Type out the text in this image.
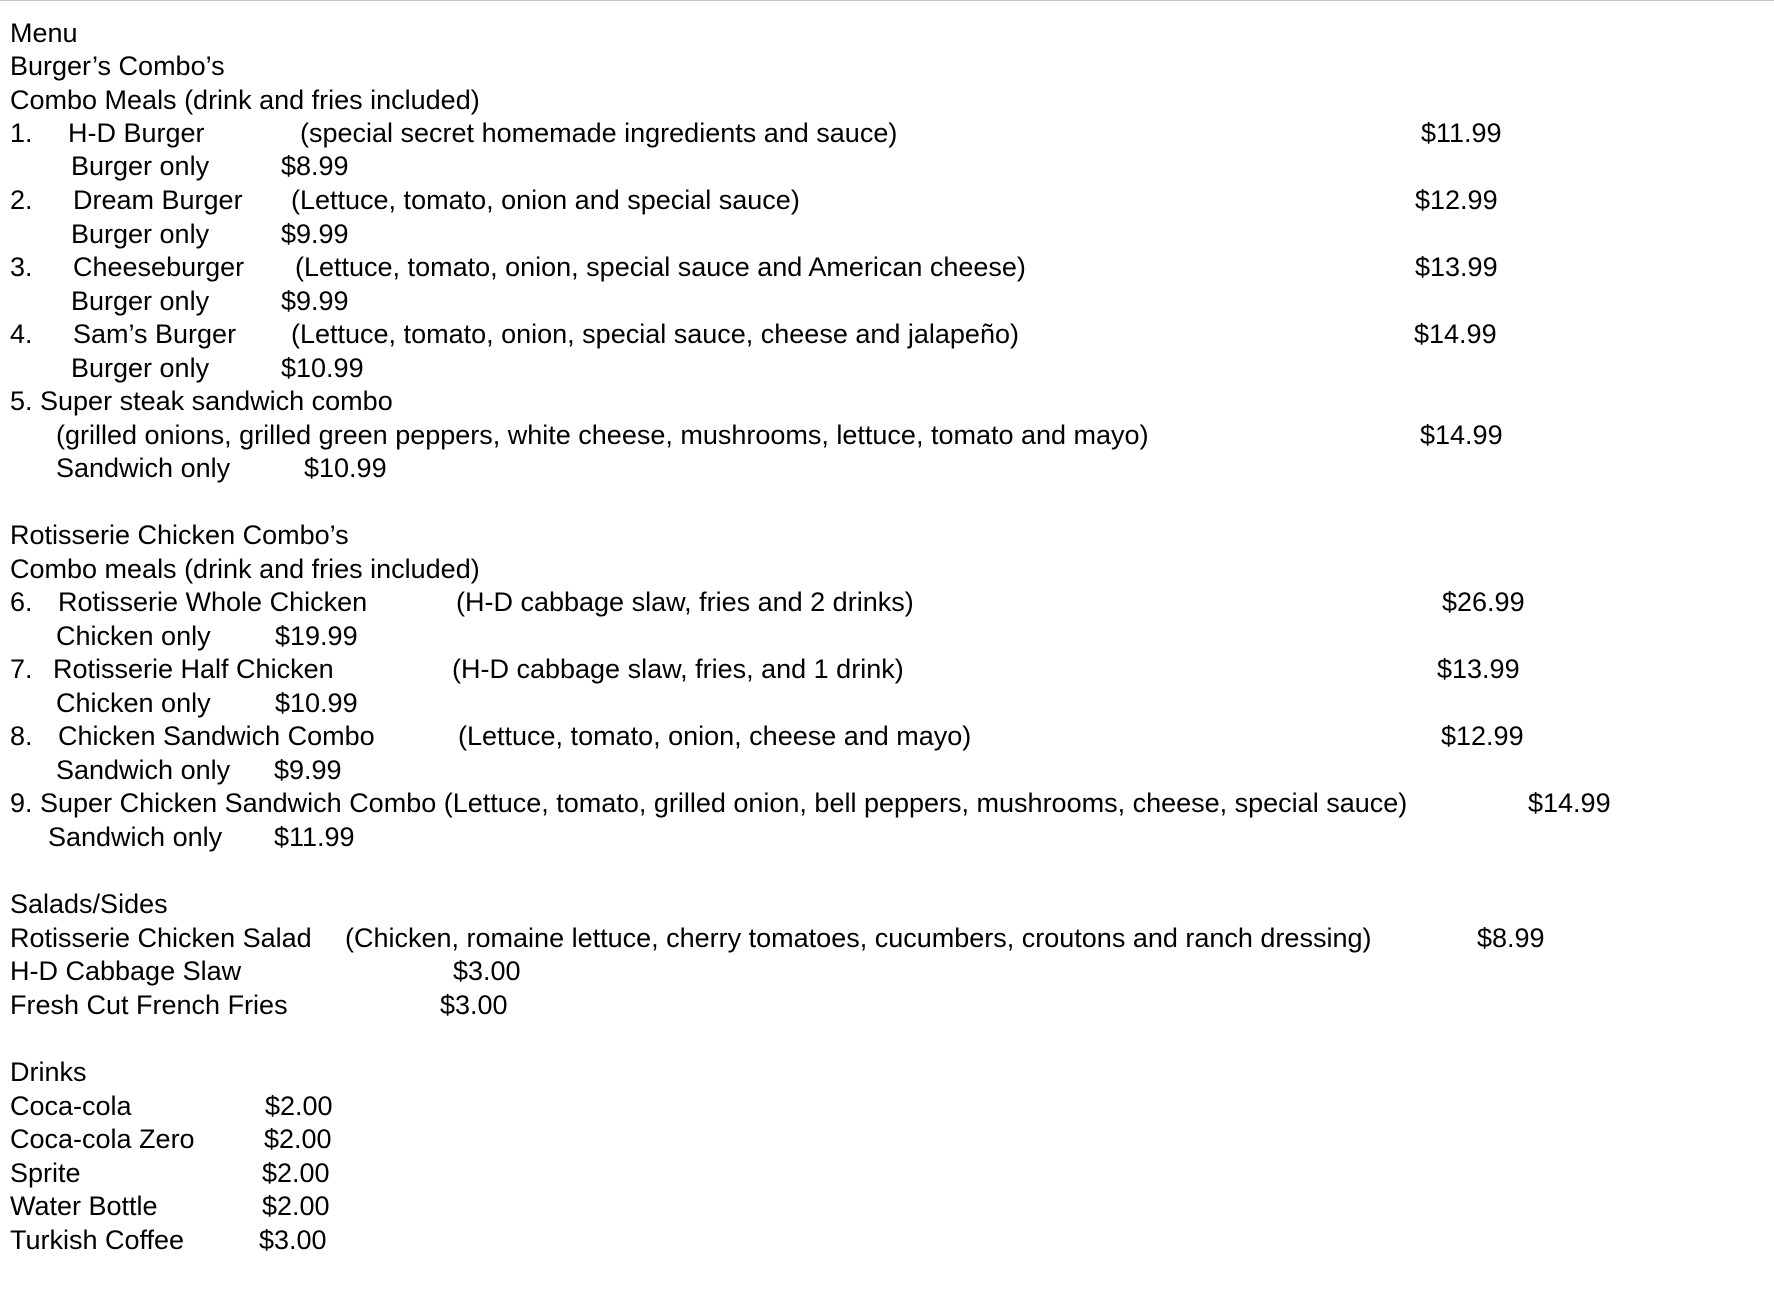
Menu
Burger’s Combo’s
Combo Meals (drink and fries included)
1. H-D Burger	(special secret homemade ingredients and sauce)	$11.99
Burger only	$8.99
2. Dream Burger (Lettuce, tomato, onion and special sauce)	$12.99
Burger only	$9.99
3. Cheeseburger (Lettuce, tomato, onion, special sauce and American cheese)	$13.99
Burger only	$9.99
4. Sam’s Burger (Lettuce, tomato, onion, special sauce, cheese and jalapeño)	$14.99
Burger only	$10.99
5. Super steak sandwich combo
(grilled onions, grilled green peppers, white cheese, mushrooms, lettuce, tomato and mayo)	$14.99
Sandwich only	$10.99
Rotisserie Chicken Combo’s
Combo meals (drink and fries included)
6. Rotisserie Whole Chicken	(H-D cabbage slaw, fries and 2 drinks)	$26.99
Chicken only $19.99
7. Rotisserie Half Chicken	(H-D cabbage slaw, fries, and 1 drink)	$13.99
Chicken only $10.99
8. Chicken Sandwich Combo	(Lettuce, tomato, onion, cheese and mayo)	$12.99
Sandwich only $9.99
9. Super Chicken Sandwich Combo (Lettuce, tomato, grilled onion, bell peppers, mushrooms, cheese, special sauce)	$14.99
Sandwich only $11.99
Salads/Sides
Rotisserie Chicken Salad (Chicken, romaine lettuce, cherry tomatoes, cucumbers, croutons and ranch dressing)	$8.99
H-D Cabbage Slaw	$3.00
Fresh Cut French Fries	$3.00
Drinks
Coca-cola	$2.00
Coca-cola Zero	$2.00
Sprite	$2.00
Water Bottle	$2.00
Turkish Coffee	$3.00
